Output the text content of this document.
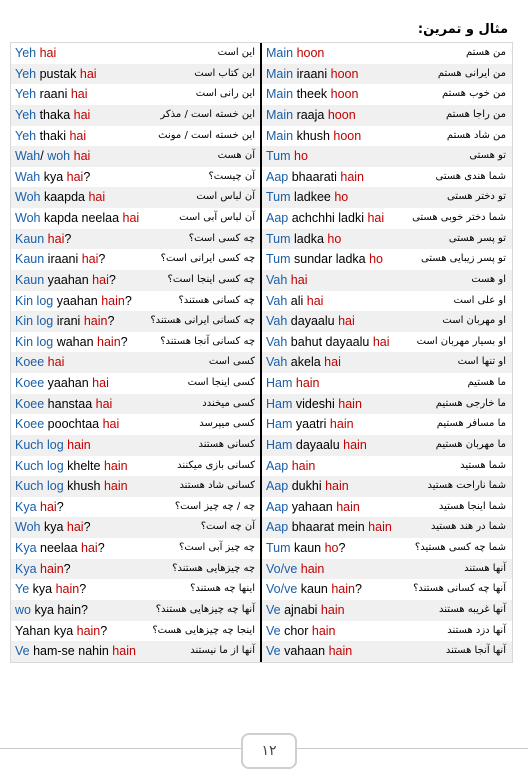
مثال و تمرین:
Yeh hai	این است
Yeh pustak hai	این کتاب است
Yeh raani hai	این رانی است
Yeh thaka hai	این خسته است / مذکر
Yeh thaki hai	این خسته است / مونث
Wah/ woh hai	آن هست
Wah kya hai?	آن چیست؟
Woh kaapda hai	آن لباس است
Woh kapda neelaa hai	آن لباس آبی است
Kaun hai?	چه کسی است؟
Kaun iraani hai?	چه کسی ایرانی است؟
Kaun yaahan hai?	چه کسی اینجا است؟
Kin log yaahan hain?	چه کسانی هستند؟
Kin log irani hain?	چه کسانی ایرانی هستند؟
Kin log wahan hain?	چه کسانی آنجا هستند؟
Koee hai	کسی است
Koee yaahan hai	کسی اینجا است
Koee hanstaa hai	کسی میخندد
Koee poochtaa hai	کسی میپرسد
Kuch log hain	کسانی هستند
Kuch log khelte hain	کسانی بازی میکنند
Kuch log khush hain	کسانی شاد هستند
Kya hai?	چه / چه چیز است؟
Woh kya hai?	آن چه است؟
Kya neelaa hai?	چه چیز آبی است؟
Kya hain?	چه چیزهایی هستند؟
Ye kya hain?	اینها چه هستند؟
wo kya hain?	آنها چه چیزهایی هستند؟
Yahan kya hain?	اینجا چه چیزهایی هست؟
Ve ham-se nahin hain	آنها از ما نیستند
Main hoon	من هستم
Main iraani hoon	من ایرانی هستم
Main theek hoon	من خوب هستم
Main raaja hoon	من راجا هستم
Main khush hoon	من شاد هستم
Tum ho	تو هستی
Aap bhaarati hain	شما هندی هستی
Tum ladkee ho	تو دختر هستی
Aap achchhi ladki hai	شما دختر خوبی هستی
Tum ladka ho	تو پسر هستی
Tum sundar ladka ho	تو پسر زیبایی هستی
Vah hai	او هست
Vah ali hai	او علی است
Vah dayaalu hai	او مهربان است
Vah bahut dayaalu hai	او بسیار مهربان است
Vah akela hai	او تنها است
Ham hain	ما هستیم
Ham videshi hain	ما خارجی هستیم
Ham yaatri hain	ما مسافر هستیم
Ham dayaalu hain	ما مهربان هستیم
Aap hain	شما هستید
Aap dukhi hain	شما ناراحت هستید
Aap yahaan hain	شما اینجا هستید
Aap bhaarat mein hain	شما در هند هستید
Tum kaun ho?	شما چه کسی هستید؟
Vo/ve hain	آنها هستند
Vo/ve kaun hain?	آنها چه کسانی هستند؟
Ve ajnabi hain	آنها غریبه هستند
Ve chor hain	آنها دزد هستند
Ve vahaan hain	آنها آنجا هستند
۱۲
